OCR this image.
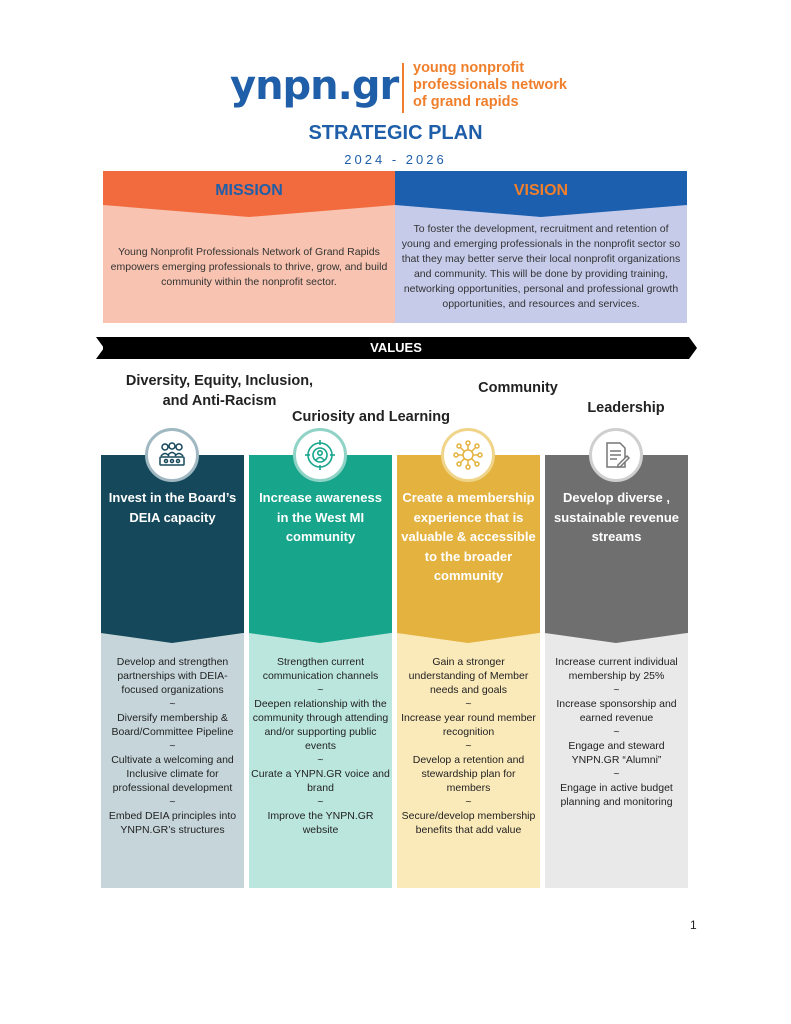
ynpn.gr young nonprofit
professionals network
of grand rapids
STRATEGIC PLAN
2024 - 2026
MISSION
Young Nonprofit Professionals Network of Grand Rapids empowers emerging professionals to thrive, grow, and build community within the nonprofit sector.
VISION
To foster the development, recruitment and retention of young and emerging professionals in the nonprofit sector so that they may better serve their local nonprofit organizations and community. This will be done by providing training, networking opportunities, personal and professional growth opportunities, and resources and services.
VALUES
Diversity, Equity, Inclusion,
and Anti-Racism
Curiosity and Learning
Community
Leadership
Invest in the Board’s DEIA capacity
Develop and strengthen partnerships with DEIA-focused organizations
~
Diversify membership & Board/Committee Pipeline
~
Cultivate a welcoming and Inclusive climate for professional development
~
Embed DEIA principles into YNPN.GR’s structures
Increase awareness in the West MI community
Strengthen current communication channels
~
Deepen relationship with the community through attending and/or supporting public events
~
Curate a YNPN.GR voice and brand
~
Improve the YNPN.GR website
Create a membership experience that is valuable & accessible to the broader community
Gain a stronger understanding of Member needs and goals
~
Increase year round member recognition
~
Develop a retention and stewardship plan for members
~
Secure/develop membership benefits that add value
Develop diverse , sustainable revenue streams
Increase current individual membership by 25%
~
Increase sponsorship and earned revenue
~
Engage and steward YNPN.GR “Alumni”
~
Engage in active budget planning and monitoring
1
